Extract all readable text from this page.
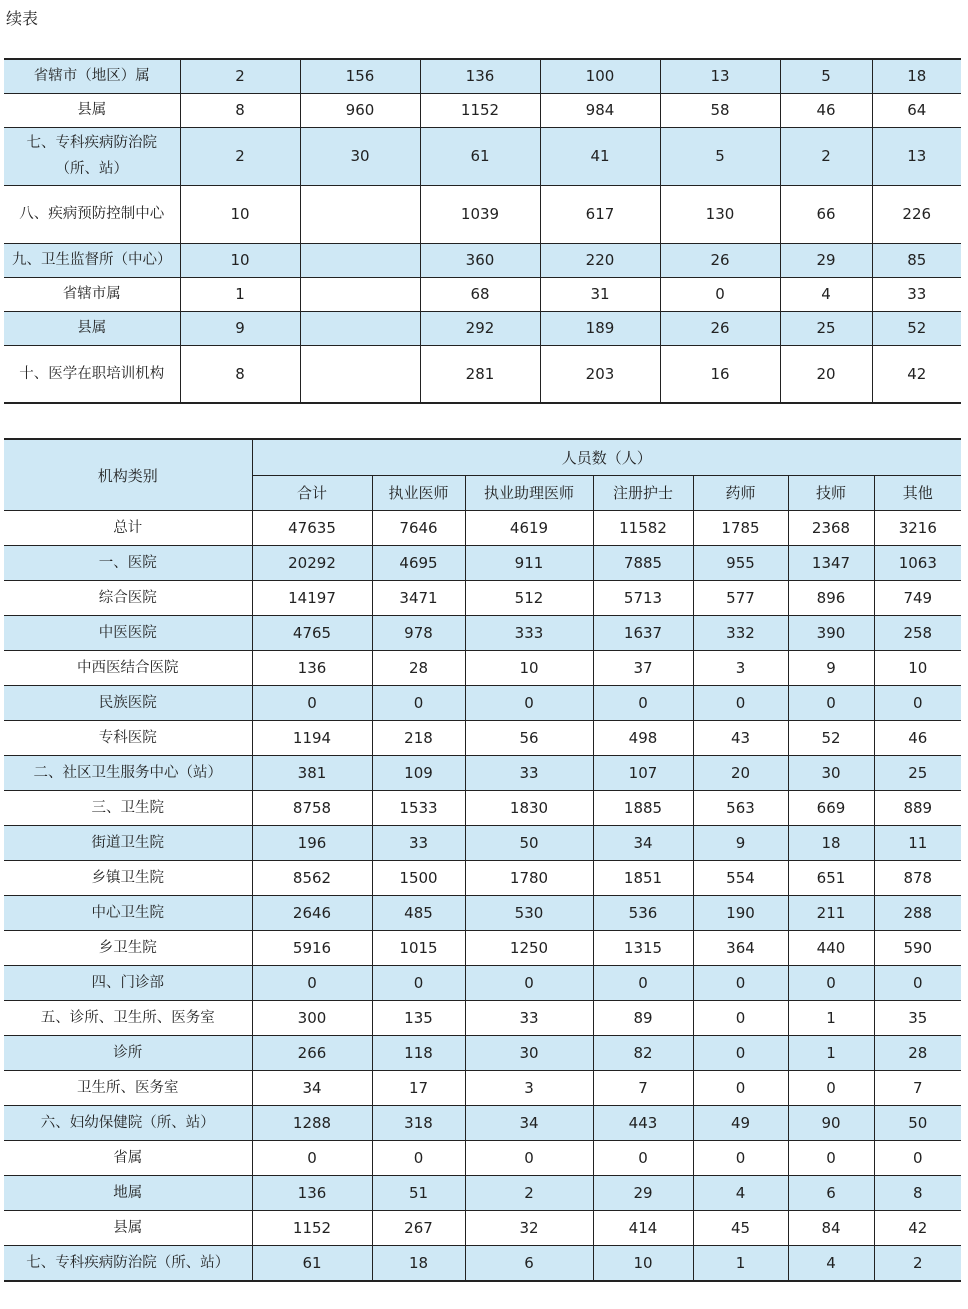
续表
省辖市（地区）属	2	156	136	100	13	5	18
县属	8	960	1152	984	58	46	64
七、专科疾病防治院（所、站）	2	30	61	41	5	2	13
八、疾病预防控制中心	10		1039	617	130	66	226
九、卫生监督所（中心）	10		360	220	26	29	85
省辖市属	1		68	31	0	4	33
县属	9		292	189	26	25	52
十、医学在职培训机构	8		281	203	16	20	42
机构类别	人员数（人）						
	合计	执业医师	执业助理医师	注册护士	药师	技师	其他
总计	47635	7646	4619	11582	1785	2368	3216
一、医院	20292	4695	911	7885	955	1347	1063
综合医院	14197	3471	512	5713	577	896	749
中医医院	4765	978	333	1637	332	390	258
中西医结合医院	136	28	10	37	3	9	10
民族医院	0	0	0	0	0	0	0
专科医院	1194	218	56	498	43	52	46
二、社区卫生服务中心（站）	381	109	33	107	20	30	25
三、卫生院	8758	1533	1830	1885	563	669	889
街道卫生院	196	33	50	34	9	18	11
乡镇卫生院	8562	1500	1780	1851	554	651	878
中心卫生院	2646	485	530	536	190	211	288
乡卫生院	5916	1015	1250	1315	364	440	590
四、门诊部	0	0	0	0	0	0	0
五、诊所、卫生所、医务室	300	135	33	89	0	1	35
诊所	266	118	30	82	0	1	28
卫生所、医务室	34	17	3	7	0	0	7
六、妇幼保健院（所、站）	1288	318	34	443	49	90	50
省属	0	0	0	0	0	0	0
地属	136	51	2	29	4	6	8
县属	1152	267	32	414	45	84	42
七、专科疾病防治院（所、站）	61	18	6	10	1	4	2
